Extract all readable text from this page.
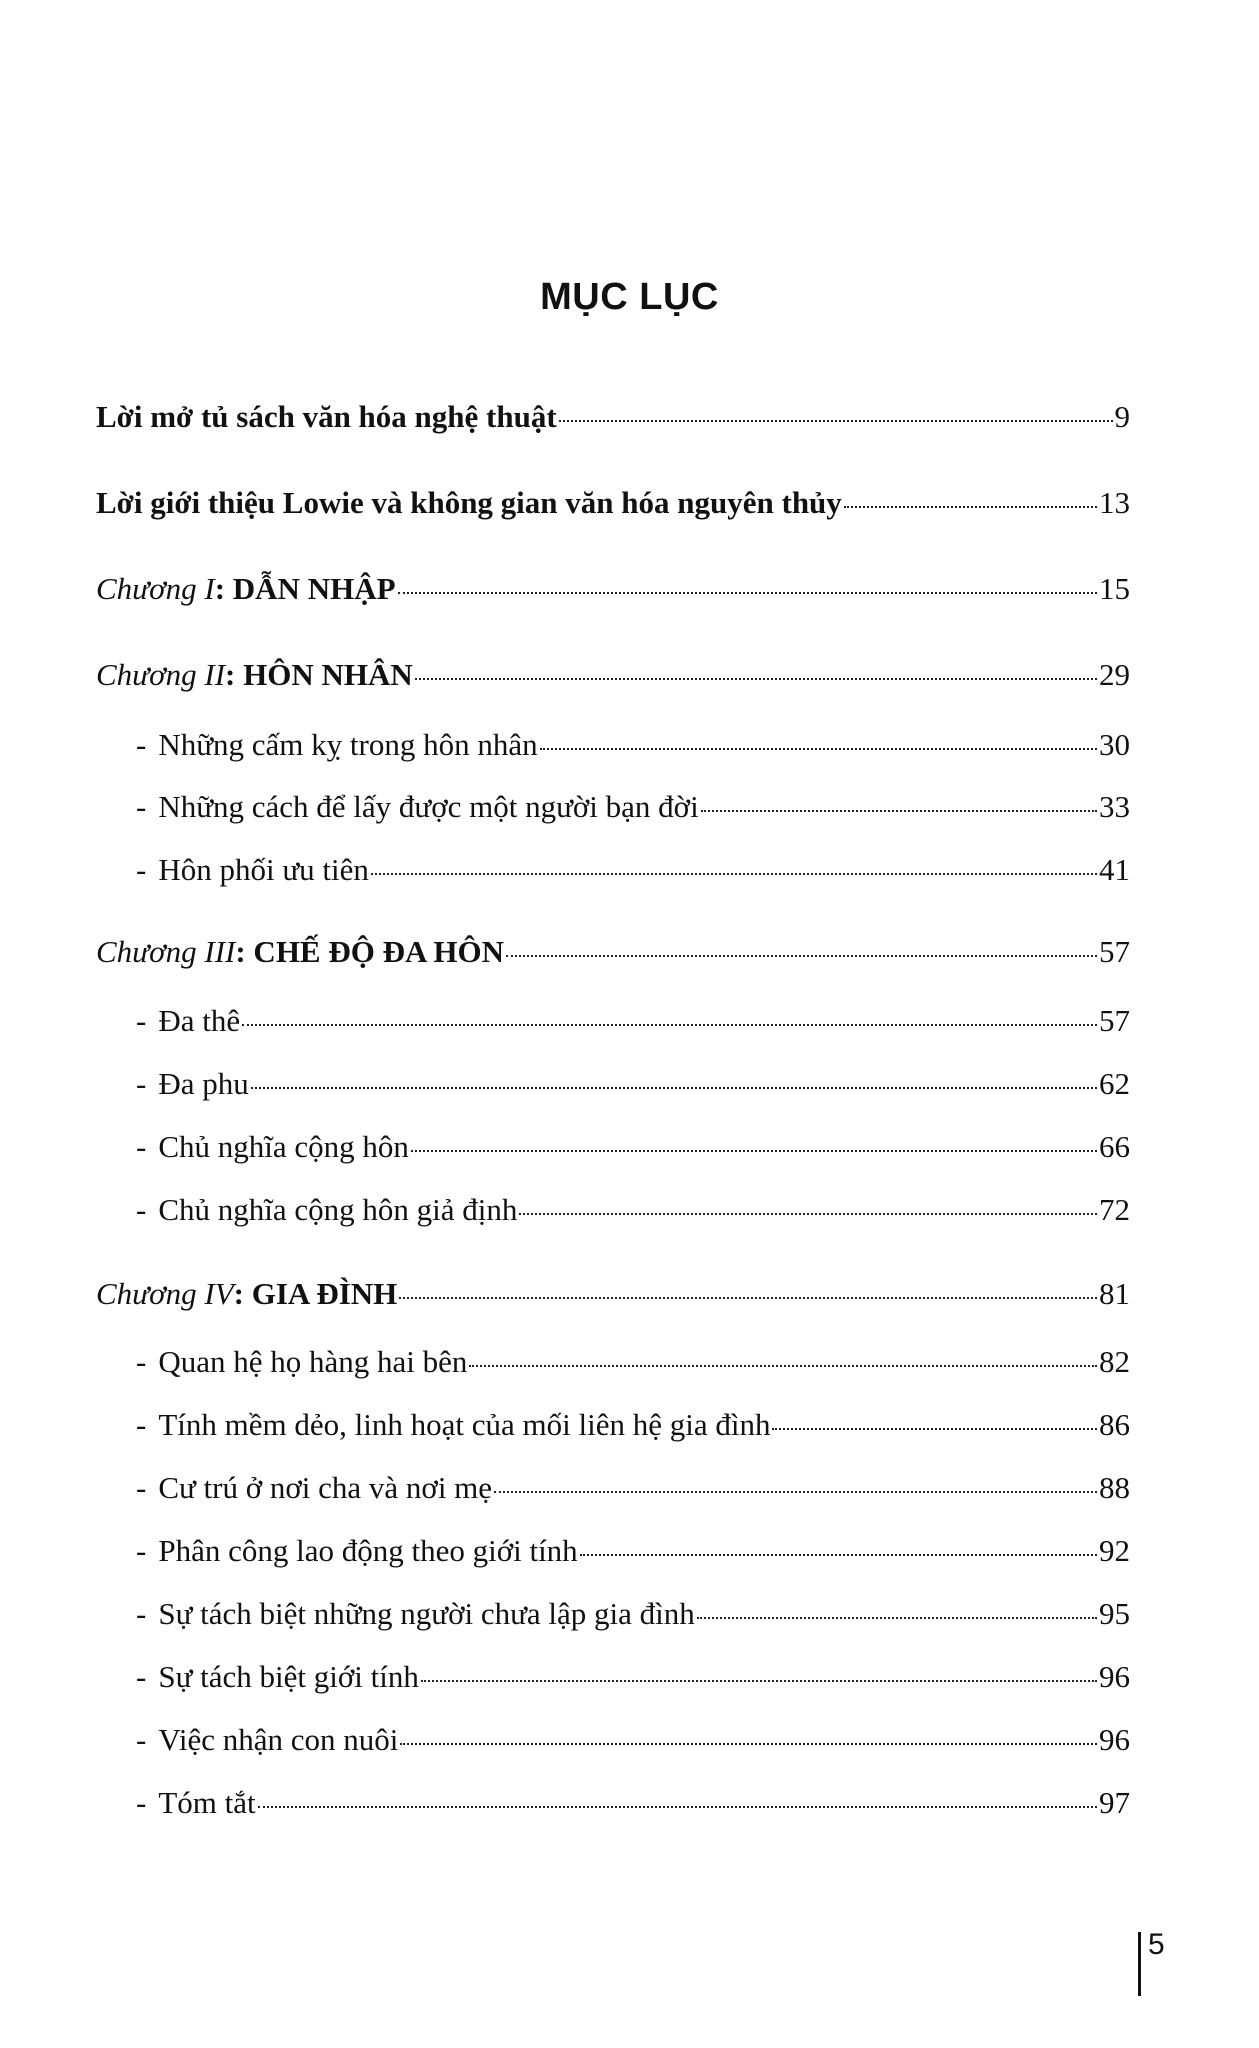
MỤC LỤC
Lời mở tủ sách văn hóa nghệ thuật	9
Lời giới thiệu Lowie và không gian văn hóa nguyên thủy	13
Chương I: DẪN NHẬP	15
Chương II: HÔN NHÂN	29
- Những cấm kỵ trong hôn nhân	30
- Những cách để lấy được một người bạn đời	33
- Hôn phối ưu tiên	41
Chương III: CHẾ ĐỘ ĐA HÔN	57
- Đa thê	57
- Đa phu	62
- Chủ nghĩa cộng hôn	66
- Chủ nghĩa cộng hôn giả định	72
Chương IV: GIA ĐÌNH	81
- Quan hệ họ hàng hai bên	82
- Tính mềm dẻo, linh hoạt của mối liên hệ gia đình	86
- Cư trú ở nơi cha và nơi mẹ	88
- Phân công lao động theo giới tính	92
- Sự tách biệt những người chưa lập gia đình	95
- Sự tách biệt giới tính	96
- Việc nhận con nuôi	96
- Tóm tắt	97
5
